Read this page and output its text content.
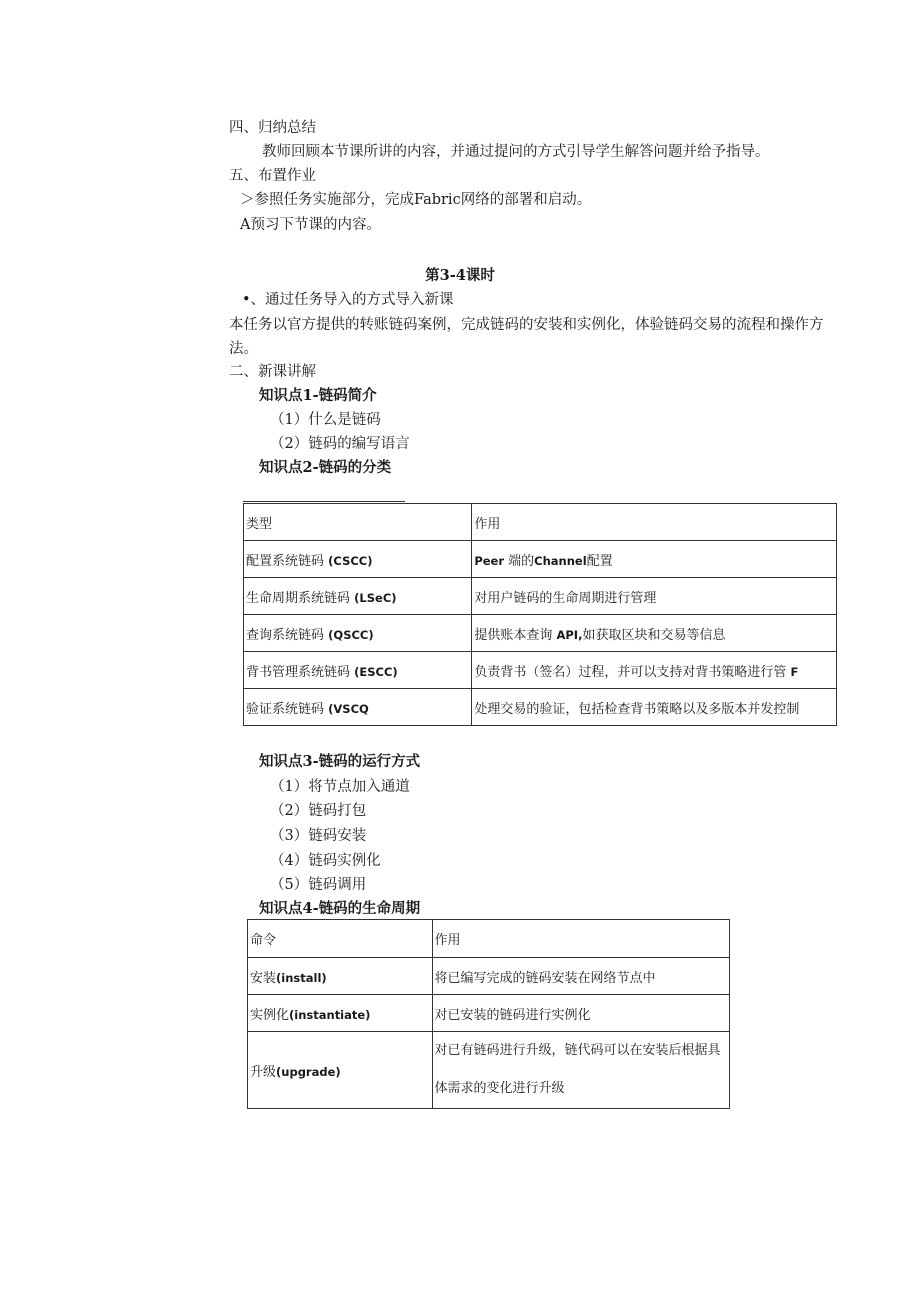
四、归纳总结
教师回顾本节课所讲的内容，并通过提问的方式引导学生解答问题并给予指导。
五、布置作业
＞参照任务实施部分，完成Fabric网络的部署和启动。
A预习下节课的内容。
第3-4课时
•、通过任务导入的方式导入新课
本任务以官方提供的转账链码案例，完成链码的安装和实例化，体验链码交易的流程和操作方法。
二、新课讲解
知识点1-链码简介
（1）什么是链码
（2）链码的编写语言
知识点2-链码的分类
类型	作用
配置系统链码 (CSCC)	Peer 端的Channel配置
生命周期系统链码 (LSeC)	对用户链码的生命周期进行管理
查询系统链码 (QSCC)	提供账本查询 API,如获取区块和交易等信息
背书管理系统链码 (ESCC)	负责背书（签名）过程，并可以支持对背书策略进行管 F
验证系统链码 (VSCQ	处理交易的验证，包括检查背书策略以及多版本并发控制
知识点3-链码的运行方式
（1）将节点加入通道
（2）链码打包
（3）链码安装
（4）链码实例化
（5）链码调用
知识点4-链码的生命周期
命令	作用
安装(install)	将已编写完成的链码安装在网络节点中
实例化(instantiate)	对已安装的链码进行实例化
升级(upgrade)	对已有链码进行升级，链代码可以在安装后根据具体需求的变化进行升级
